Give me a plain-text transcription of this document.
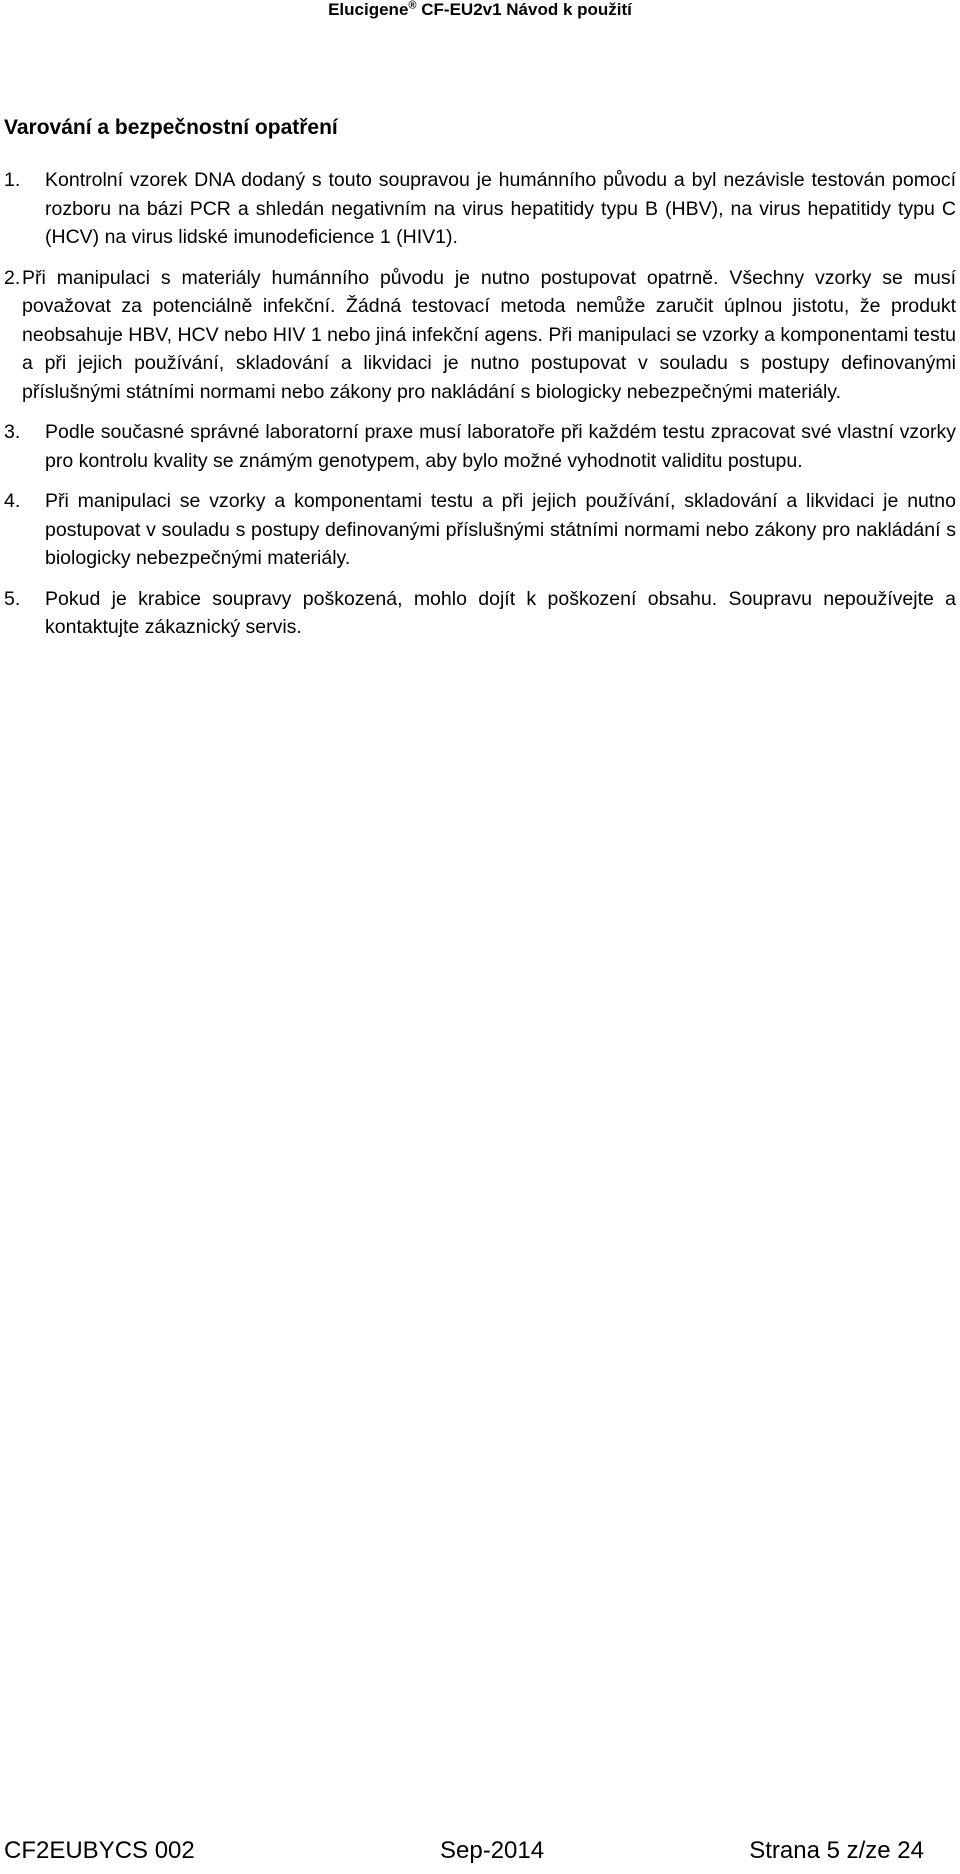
Elucigene® CF-EU2v1 Návod k použití
Varování a bezpečnostní opatření
1. Kontrolní vzorek DNA dodaný s touto soupravou je humánního původu a byl nezávisle testován pomocí rozboru na bázi PCR a shledán negativním na virus hepatitidy typu B (HBV), na virus hepatitidy typu C (HCV) na virus lidské imunodeficience 1 (HIV1).
2. Při manipulaci s materiály humánního původu je nutno postupovat opatrně. Všechny vzorky se musí považovat za potenciálně infekční. Žádná testovací metoda nemůže zaručit úplnou jistotu, že produkt neobsahuje HBV, HCV nebo HIV 1 nebo jiná infekční agens. Při manipulaci se vzorky a komponentami testu a při jejich používání, skladování a likvidaci je nutno postupovat v souladu s postupy definovanými příslušnými státními normami nebo zákony pro nakládání s biologicky nebezpečnými materiály.
3. Podle současné správné laboratorní praxe musí laboratoře při každém testu zpracovat své vlastní vzorky pro kontrolu kvality se známým genotypem, aby bylo možné vyhodnotit validitu postupu.
4. Při manipulaci se vzorky a komponentami testu a při jejich používání, skladování a likvidaci je nutno postupovat v souladu s postupy definovanými příslušnými státními normami nebo zákony pro nakládání s biologicky nebezpečnými materiály.
5. Pokud je krabice soupravy poškozená, mohlo dojít k poškození obsahu. Soupravu nepoužívejte a kontaktujte zákaznický servis.
CF2EUBYCS 002	Sep-2014	Strana 5 z/ze 24
